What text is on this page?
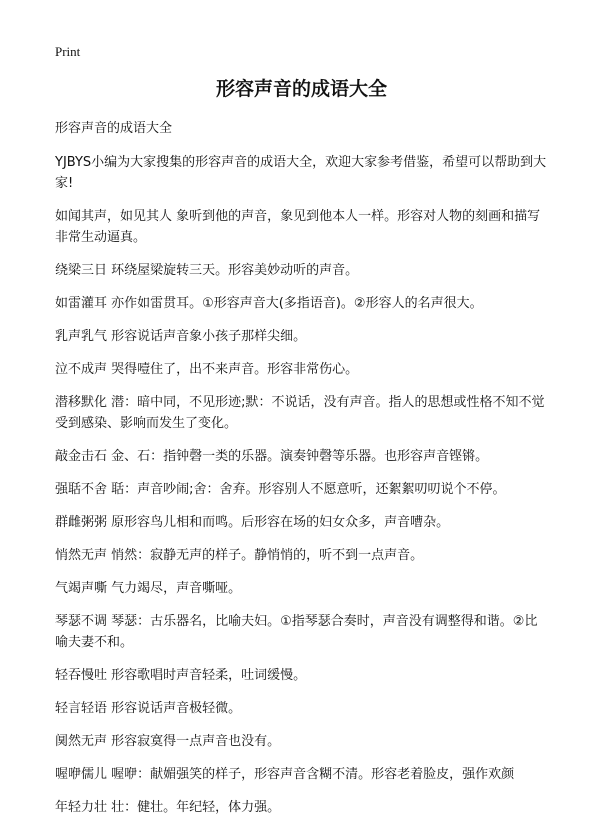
Print
形容声音的成语大全

形容声音的成语大全

YJBYS小编为大家搜集的形容声音的成语大全，欢迎大家参考借鉴，希望可以帮助到大家!

如闻其声，如见其人 象听到他的声音，象见到他本人一样。形容对人物的刻画和描写非常生动逼真。

绕梁三日 环绕屋梁旋转三天。形容美妙动听的声音。

如雷灌耳 亦作如雷贯耳。①形容声音大(多指语音)。②形容人的名声很大。

乳声乳气 形容说话声音象小孩子那样尖细。

泣不成声 哭得噎住了，出不来声音。形容非常伤心。

潜移默化 潜：暗中同，不见形迹;默：不说话，没有声音。指人的思想或性格不知不觉受到感染、影响而发生了变化。

敲金击石 金、石：指钟磬一类的乐器。演奏钟磬等乐器。也形容声音铿锵。

强聒不舍 聒：声音吵闹;舍：舍弃。形容别人不愿意听，还絮絮叨叨说个不停。

群雌粥粥 原形容鸟儿相和而鸣。后形容在场的妇女众多，声音嘈杂。

悄然无声 悄然：寂静无声的样子。静悄悄的，听不到一点声音。

气竭声嘶 气力竭尽，声音嘶哑。

琴瑟不调 琴瑟：古乐器名，比喻夫妇。①指琴瑟合奏时，声音没有调整得和谐。②比喻夫妻不和。

轻吞慢吐 形容歌唱时声音轻柔，吐词缓慢。

轻言轻语 形容说话声音极轻微。

阒然无声 形容寂寞得一点声音也没有。

喔咿儒儿 喔咿：献媚强笑的样子，形容声音含糊不清。形容老着脸皮，强作欢颜

年轻力壮 壮：健壮。年纪轻，体力强。
